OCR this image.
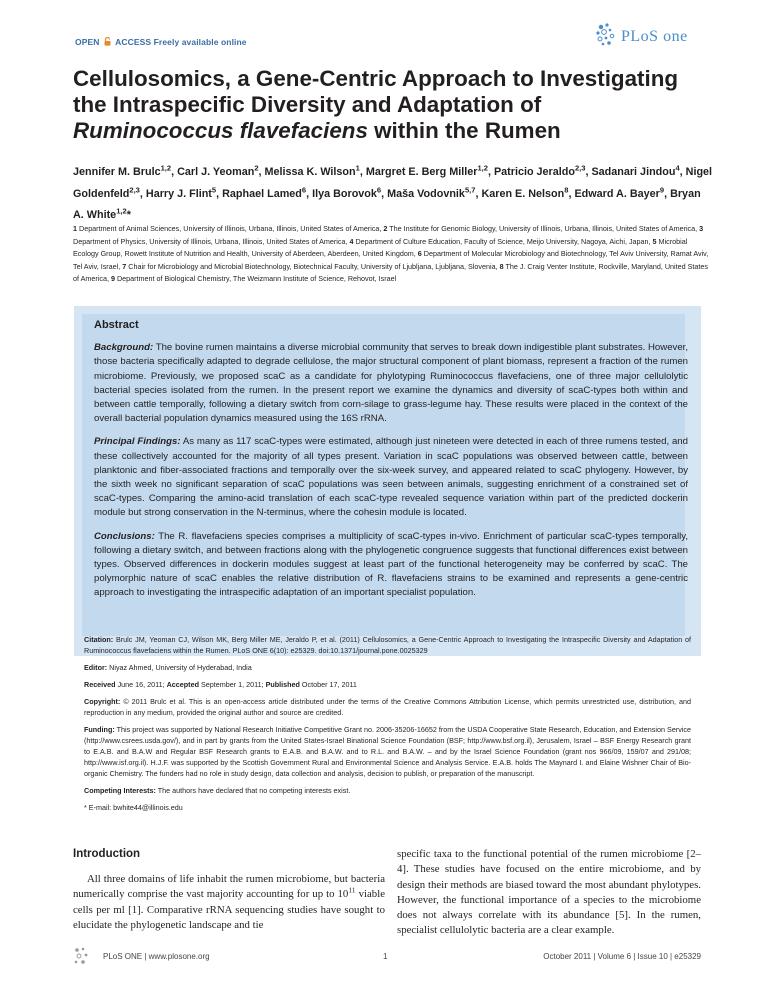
OPEN ACCESS Freely available online	PLoS one
Cellulosomics, a Gene-Centric Approach to Investigating
the Intraspecific Diversity and Adaptation of
Ruminococcus flavefaciens within the Rumen
Jennifer M. Brulc$^{1,2}$, Carl J. Yeoman$^2$, Melissa K. Wilson$^1$, Margret E. Berg Miller$^{1,2}$, Patricio Jeraldo$^{2,3}$, Sadanari Jindou$^4$, Nigel Goldenfeld$^{2,3}$, Harry J. Flint$^5$, Raphael Lamed$^6$, Ilya Borovok$^6$, Maša Vodovnik$^{5,7}$, Karen E. Nelson$^8$, Edward A. Bayer$^9$, Bryan A. White$^{1,2}$*
1 Department of Animal Sciences, University of Illinois, Urbana, Illinois, United States of America, 2 The Institute for Genomic Biology, University of Illinois, Urbana, Illinois, United States of America, 3 Department of Physics, University of Illinois, Urbana, Illinois, United States of America, 4 Department of Culture Education, Faculty of Science, Meijo University, Nagoya, Aichi, Japan, 5 Microbial Ecology Group, Rowett Institute of Nutrition and Health, University of Aberdeen, Aberdeen, United Kingdom, 6 Department of Molecular Microbiology and Biotechnology, Tel Aviv University, Ramat Aviv, Tel Aviv, Israel, 7 Chair for Microbiology and Microbial Biotechnology, Biotechnical Faculty, University of Ljubljana, Ljubljana, Slovenia, 8 The J. Craig Venter Institute, Rockville, Maryland, United States of America, 9 Department of Biological Chemistry, The Weizmann Institute of Science, Rehovot, Israel
Abstract

Background: The bovine rumen maintains a diverse microbial community that serves to break down indigestible plant substrates. However, those bacteria specifically adapted to degrade cellulose, the major structural component of plant biomass, represent a fraction of the rumen microbiome. Previously, we proposed scaC as a candidate for phylotyping Ruminococcus flavefaciens, one of three major cellulolytic bacterial species isolated from the rumen. In the present report we examine the dynamics and diversity of scaC-types both within and between cattle temporally, following a dietary switch from corn-silage to grass-legume hay. These results were placed in the context of the overall bacterial population dynamics measured using the 16S rRNA.

Principal Findings: As many as 117 scaC-types were estimated, although just nineteen were detected in each of three rumens tested, and these collectively accounted for the majority of all types present. Variation in scaC populations was observed between cattle, between planktonic and fiber-associated fractions and temporally over the six-week survey, and appeared related to scaC phylogeny. However, by the sixth week no significant separation of scaC populations was seen between animals, suggesting enrichment of a constrained set of scaC-types. Comparing the amino-acid translation of each scaC-type revealed sequence variation within part of the predicted dockerin module but strong conservation in the N-terminus, where the cohesin module is located.

Conclusions: The R. flavefaciens species comprises a multiplicity of scaC-types in-vivo. Enrichment of particular scaC-types temporally, following a dietary switch, and between fractions along with the phylogenetic congruence suggests that functional differences exist between types. Observed differences in dockerin modules suggest at least part of the functional heterogeneity may be conferred by scaC. The polymorphic nature of scaC enables the relative distribution of R. flavefaciens strains to be examined and represents a gene-centric approach to investigating the intraspecific adaptation of an important specialist population.

Citation: Brulc JM, Yeoman CJ, Wilson MK, Berg Miller ME, Jeraldo P, et al. (2011) Cellulosomics, a Gene-Centric Approach to Investigating the Intraspecific Diversity and Adaptation of Ruminococcus flavefaciens within the Rumen. PLoS ONE 6(10): e25329. doi:10.1371/journal.pone.0025329

Editor: Niyaz Ahmed, University of Hyderabad, India

Received June 16, 2011; Accepted September 1, 2011; Published October 17, 2011

Copyright: © 2011 Brulc et al. This is an open-access article distributed under the terms of the Creative Commons Attribution License, which permits unrestricted use, distribution, and reproduction in any medium, provided the original author and source are credited.

Funding: This project was supported by National Research Initiative Competitive Grant no. 2006-35206-16652 from the USDA Cooperative State Research, Education, and Extension Service (http://www.csrees.usda.gov/), and in part by grants from the United States-Israel Binational Science Foundation (BSF; http://www.bsf.org.il), Jerusalem, Israel – BSF Energy Research grant to E.A.B. and B.A.W and Regular BSF Research grants to E.A.B. and B.A.W. and to R.L. and B.A.W. – and by the Israel Science Foundation (grant nos 966/09, 159/07 and 291/08; http://www.isf.org.il). H.J.F. was supported by the Scottish Government Rural and Environmental Science and Analysis Service. E.A.B. holds The Maynard I. and Elaine Wishner Chair of Bio-organic Chemistry. The funders had no role in study design, data collection and analysis, decision to publish, or preparation of the manuscript.

Competing Interests: The authors have declared that no competing interests exist.

* E-mail: bwhite44@illinois.edu

Introduction

All three domains of life inhabit the rumen microbiome, but bacteria numerically comprise the vast majority accounting for up to $10^{11}$ viable cells per ml [1]. Comparative rRNA sequencing studies have sought to elucidate the phylogenetic landscape and tie

specific taxa to the functional potential of the rumen microbiome [2–4]. These studies have focused on the entire microbiome, and by design their methods are biased toward the most abundant phylotypes. However, the functional importance of a species to the microbiome does not always correlate with its abundance [5]. In the rumen, specialist cellulolytic bacteria are a clear example.

PLoS ONE | www.plosone.org	1	October 2011 | Volume 6 | Issue 10 | e25329
